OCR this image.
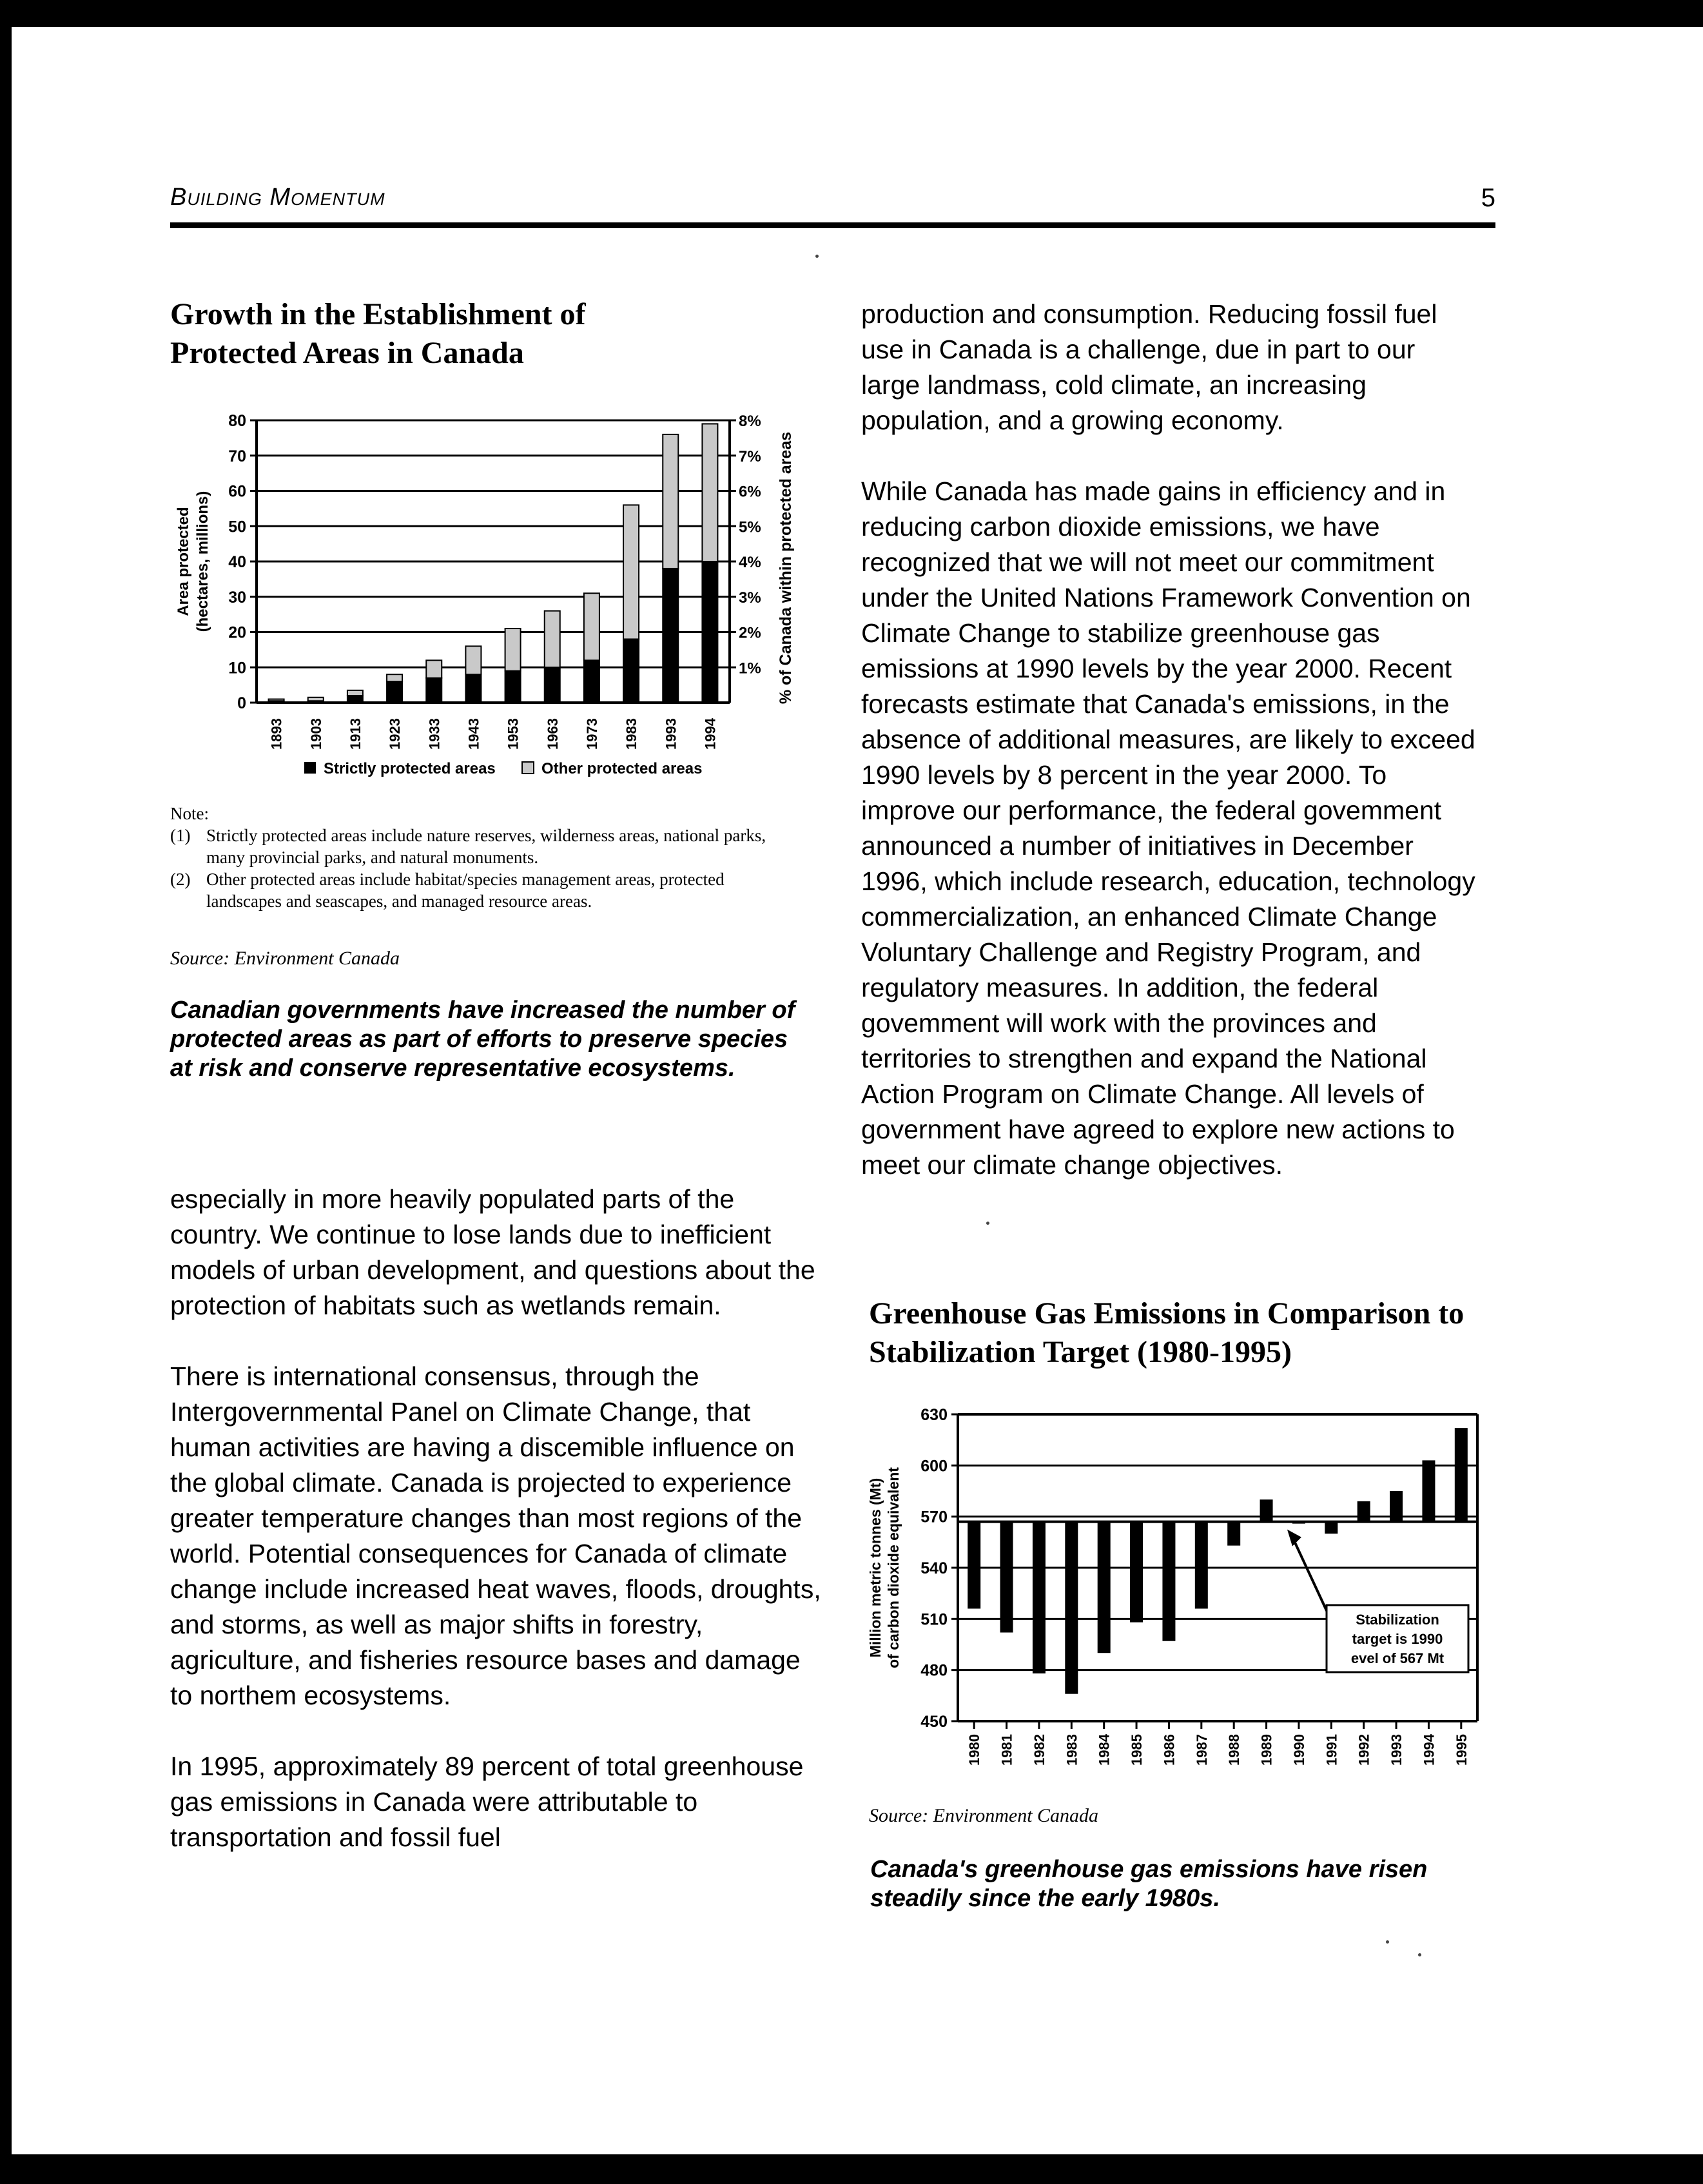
Building Momentum	5
Growth in the Establishment of Protected Areas in Canada
0
10
20
30
40
50
60
70
80
1%
2%
3%
4%
5%
6%
7%
8%
1893 1903 1913 1923 1933 1943 1953 1963 1973 1983 1993 1994
Area protected (hectares, millions)	% of Canada within protected areas
Strictly protected areas	Other protected areas
Note:
(1) Strictly protected areas include nature reserves, wilderness areas, national parks, many provincial parks, and natural monuments.
(2) Other protected areas include habitat/species management areas, protected landscapes and seascapes, and managed resource areas.
Source: Environment Canada
Canadian governments have increased the number of protected areas as part of efforts to preserve species at risk and conserve representative ecosystems.

especially in more heavily populated parts of the country. We continue to lose lands due to inefficient models of urban development, and questions about the protection of habitats such as wetlands remain.

There is international consensus, through the Intergovernmental Panel on Climate Change, that human activities are having a discemible influence on the global climate. Canada is projected to experience greater temperature changes than most regions of the world. Potential consequences for Canada of climate change include increased heat waves, floods, droughts, and storms, as well as major shifts in forestry, agriculture, and fisheries resource bases and damage to northem ecosystems.

In 1995, approximately 89 percent of total greenhouse gas emissions in Canada were attributable to transportation and fossil fuel

production and consumption. Reducing fossil fuel use in Canada is a challenge, due in part to our large landmass, cold climate, an increasing population, and a growing economy.

While Canada has made gains in efficiency and in reducing carbon dioxide emissions, we have recognized that we will not meet our commitment under the United Nations Framework Convention on Climate Change to stabilize greenhouse gas emissions at 1990 levels by the year 2000. Recent forecasts estimate that Canada's emissions, in the absence of additional measures, are likely to exceed 1990 levels by 8 percent in the year 2000. To improve our performance, the federal govemment announced a number of initiatives in December 1996, which include research, education, technology commercialization, an enhanced Climate Change Voluntary Challenge and Registry Program, and regulatory measures. In addition, the federal govemment will work with the provinces and territories to strengthen and expand the National Action Program on Climate Change. All levels of government have agreed to explore new actions to meet our climate change objectives.

Greenhouse Gas Emissions in Comparison to Stabilization Target (1980-1995)
450
480
510
540
570
600
630
1980 1981 1982 1983 1984 1985 1986 1987 1988 1989 1990 1991 1992 1993 1994 1995
Million metric tonnes (Mt) of carbon dioxide equivalent	Stabilization
target is 1990
evel of 567 Mt
Source: Environment Canada
Canada's greenhouse gas emissions have risen steadily since the early 1980s.
